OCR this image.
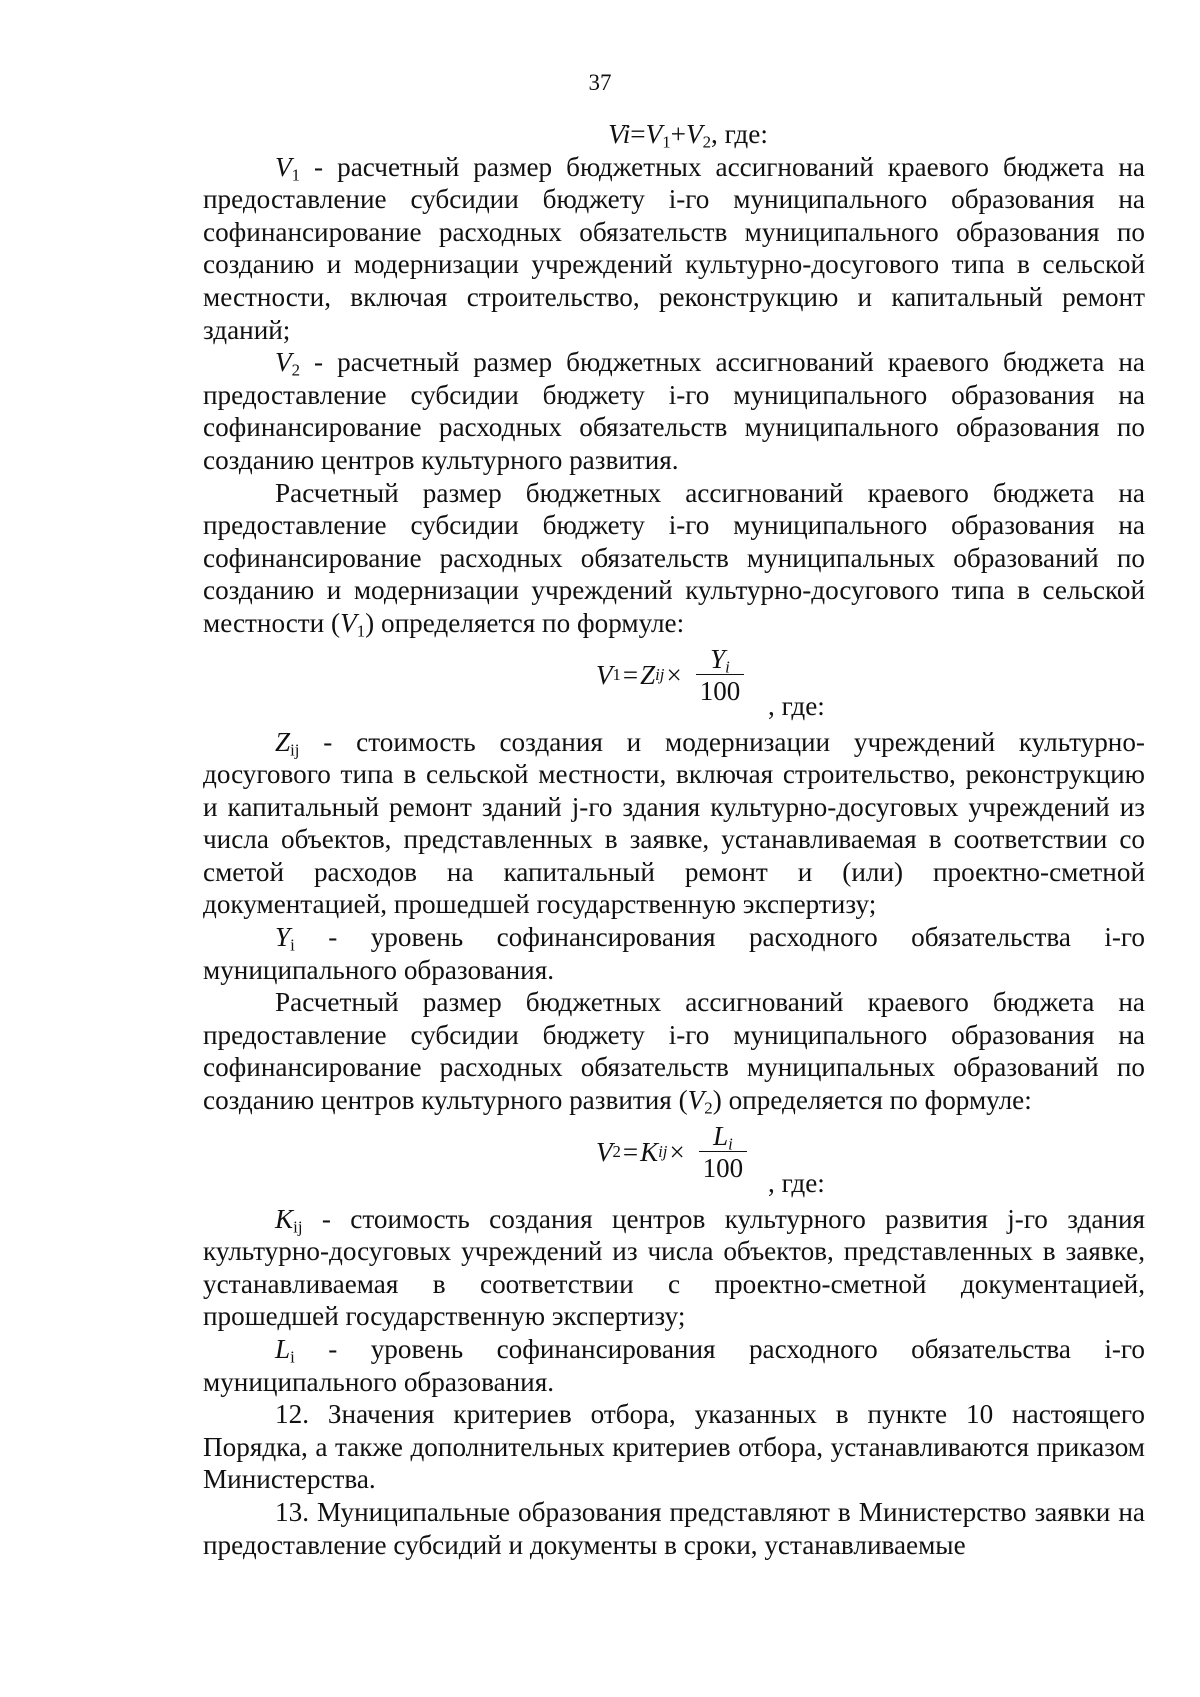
37

$Vi=V_1+V_2$, где:

$V_1$ - расчетный размер бюджетных ассигнований краевого бюджета на предоставление субсидии бюджету i-го муниципального образования на софинансирование расходных обязательств муниципального образования по созданию и модернизации учреждений культурно-досугового типа в сельской местности, включая строительство, реконструкцию и капитальный ремонт зданий;

$V_2$ - расчетный размер бюджетных ассигнований краевого бюджета на предоставление субсидии бюджету i-го муниципального образования на софинансирование расходных обязательств муниципального образования по созданию центров культурного развития.

Расчетный размер бюджетных ассигнований краевого бюджета на предоставление субсидии бюджету i-го муниципального образования на софинансирование расходных обязательств муниципальных образований по созданию и модернизации учреждений культурно-досугового типа в сельской местности $(V_1)$ определяется по формуле:

V 1 = Z ij × $\frac{Y_i}{100}$ , где:

$Z_{ij}$ - стоимость создания и модернизации учреждений культурно-досугового типа в сельской местности, включая строительство, реконструкцию и капитальный ремонт зданий j-го здания культурно-досуговых учреждений из числа объектов, представленных в заявке, устанавливаемая в соответствии со сметой расходов на капитальный ремонт и (или) проектно-сметной документацией, прошедшей государственную экспертизу;

$Y_i$ - уровень софинансирования расходного обязательства i-го муниципального образования.

Расчетный размер бюджетных ассигнований краевого бюджета на предоставление субсидии бюджету i-го муниципального образования на софинансирование расходных обязательств муниципальных образований по созданию центров культурного развития $(V_2)$ определяется по формуле:

V 2 = K ij × $\frac{L_i}{100}$ , где:

$K_{ij}$ - стоимость создания центров культурного развития j-го здания культурно-досуговых учреждений из числа объектов, представленных в заявке, устанавливаемая в соответствии с проектно-сметной документацией, прошедшей государственную экспертизу;

$L_i$ - уровень софинансирования расходного обязательства i-го муниципального образования.

12. Значения критериев отбора, указанных в пункте 10 настоящего Порядка, а также дополнительных критериев отбора, устанавливаются приказом Министерства.

13. Муниципальные образования представляют в Министерство заявки на предоставление субсидий и документы в сроки, устанавливаемые
